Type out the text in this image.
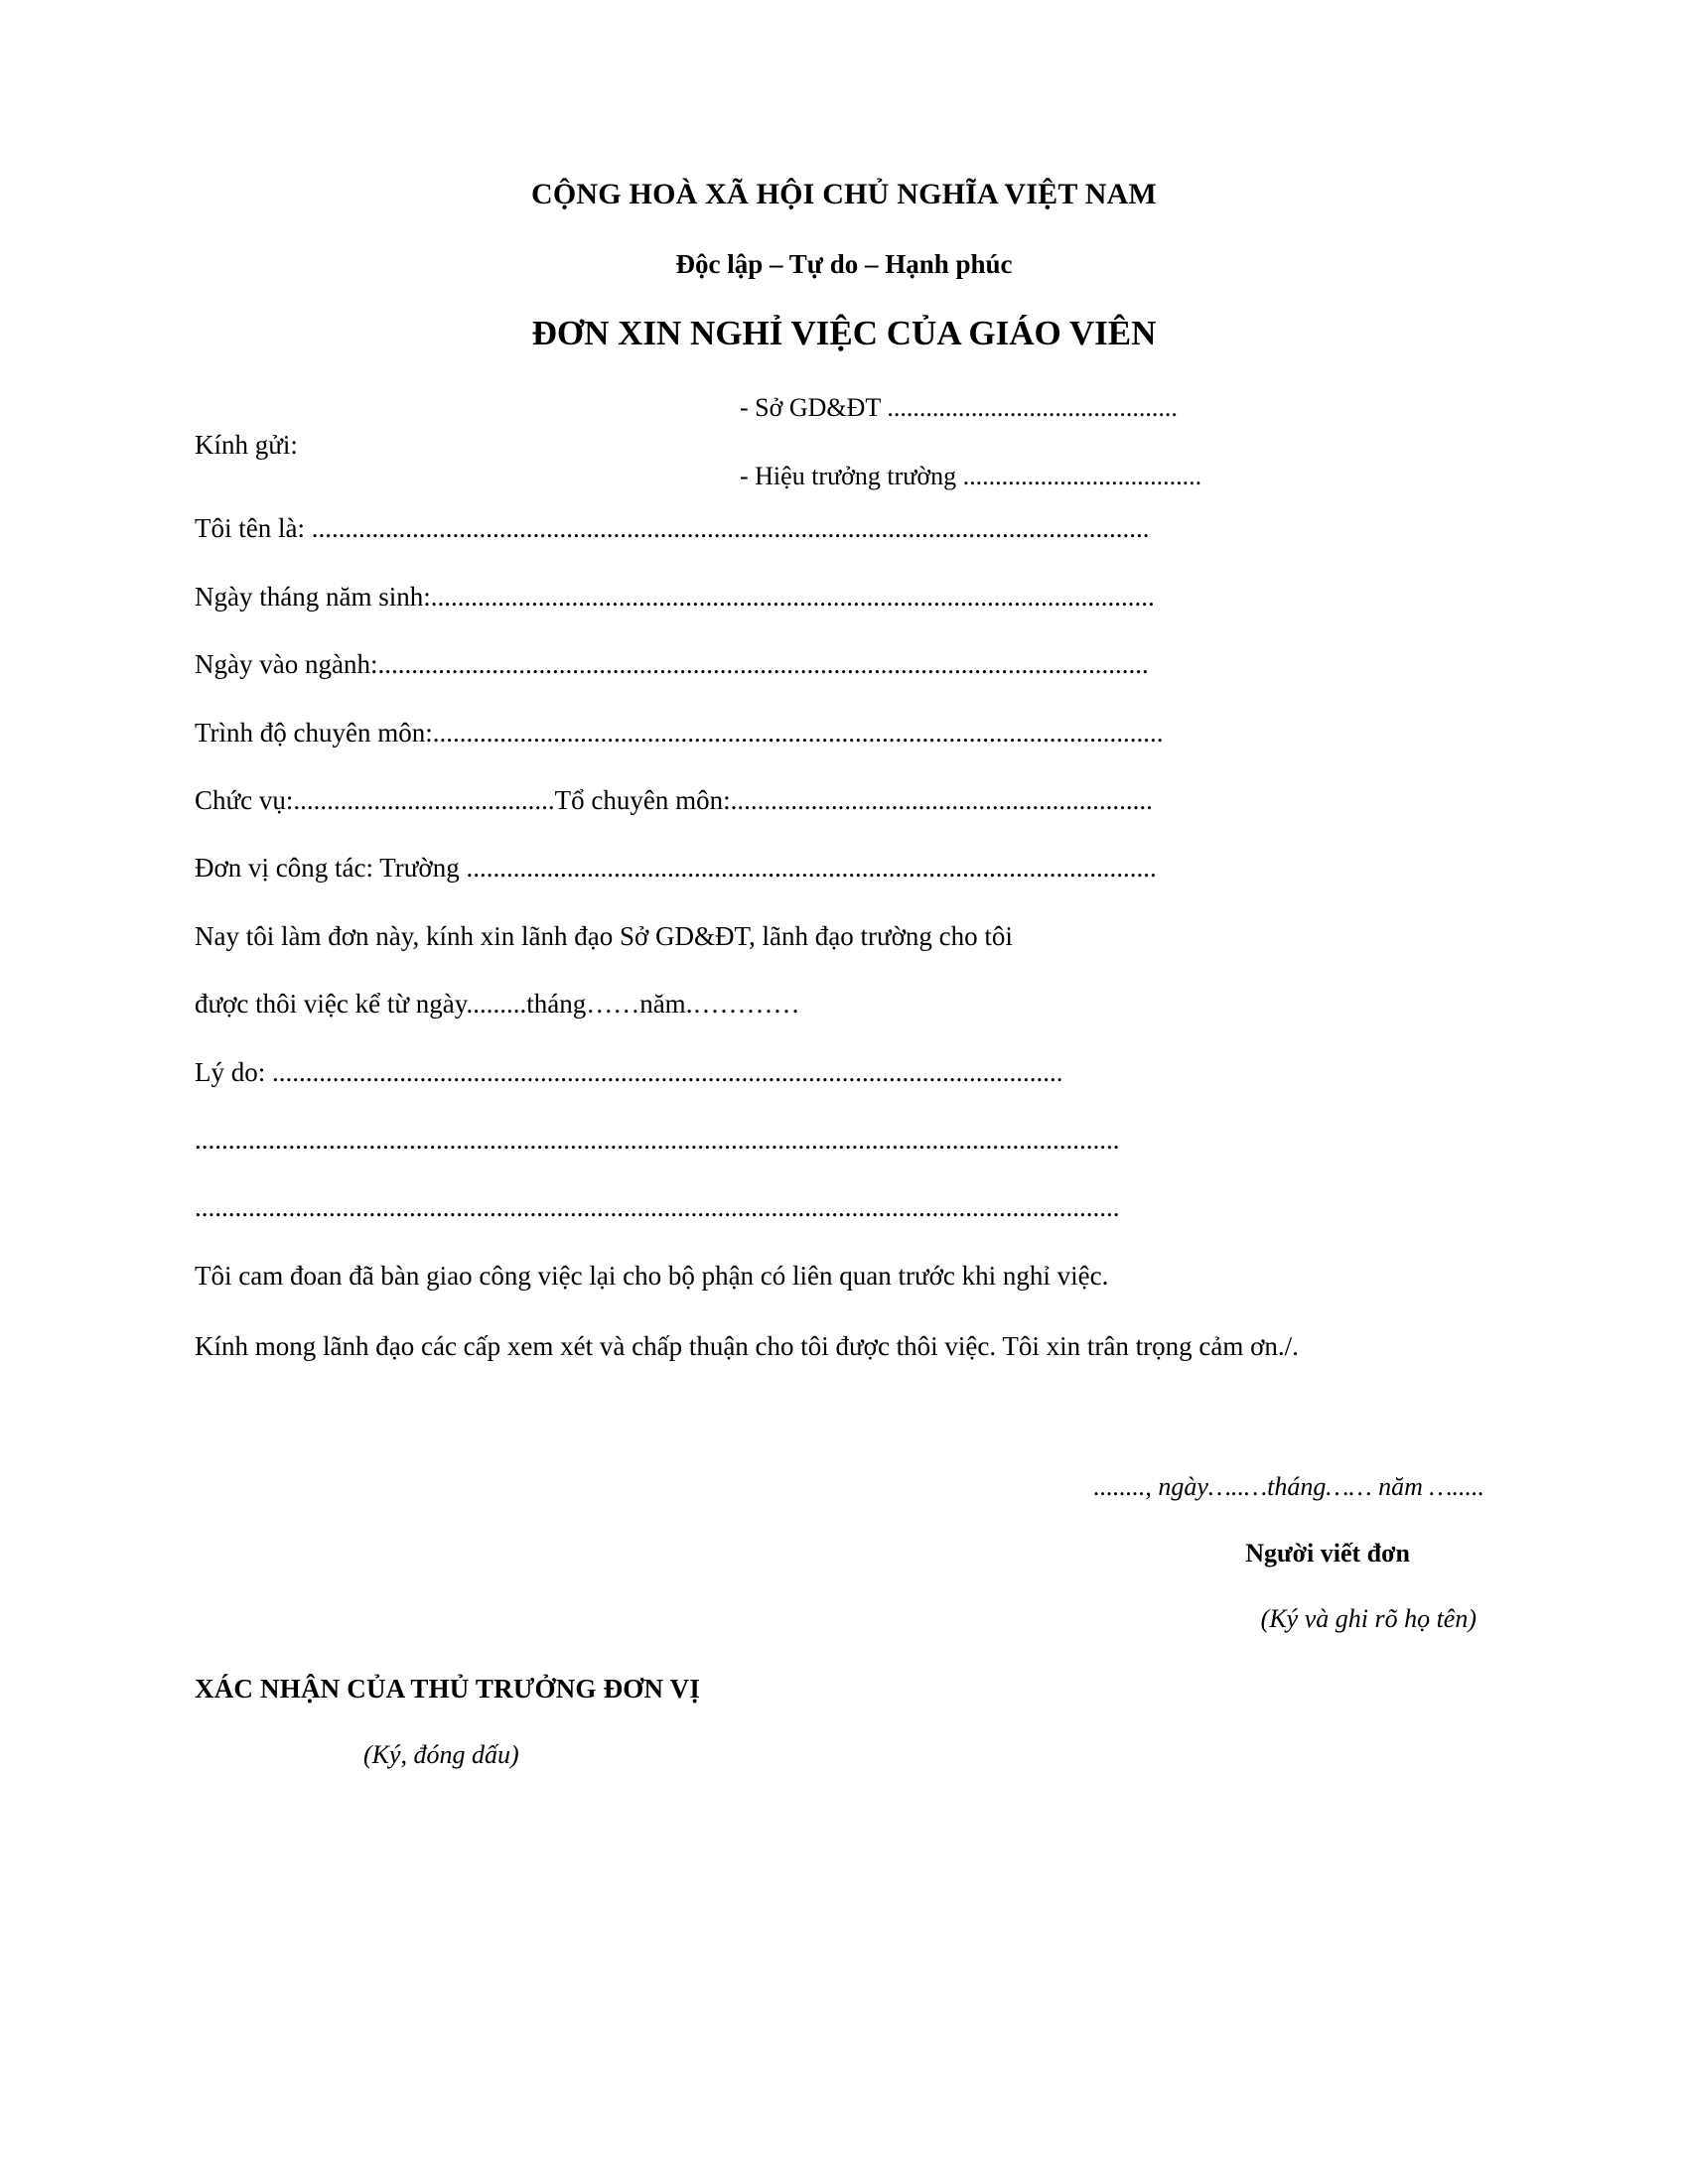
CỘNG HOÀ XÃ HỘI CHỦ NGHĨA VIỆT NAM
Độc lập – Tự do – Hạnh phúc
ĐƠN XIN NGHỈ VIỆC CỦA GIÁO VIÊN
Kính gửi:
- Sở GD&ĐT .............................................
- Hiệu trưởng trường .....................................
Tôi tên là: .............................................................................................................................
Ngày tháng năm sinh:............................................................................................................
Ngày vào ngành:...................................................................................................................
Trình độ chuyên môn:.............................................................................................................
Chức vụ:.......................................Tổ chuyên môn:...............................................................
Đơn vị công tác: Trường .......................................................................................................
Nay tôi làm đơn này, kính xin lãnh đạo Sở GD&ĐT, lãnh đạo trường cho tôi
được thôi việc kể từ ngày.........tháng……năm.…………
Lý do: ......................................................................................................................
..........................................................................................................................................
..........................................................................................................................................
Tôi cam đoan đã bàn giao công việc lại cho bộ phận có liên quan trước khi nghỉ việc.
Kính mong lãnh đạo các cấp xem xét và chấp thuận cho tôi được thôi việc. Tôi xin trân trọng cảm ơn./.
........, ngày…..…tháng…… năm ….....
Người viết đơn
(Ký và ghi rõ họ tên)
XÁC NHẬN CỦA THỦ TRƯỞNG ĐƠN VỊ
(Ký, đóng dấu)
